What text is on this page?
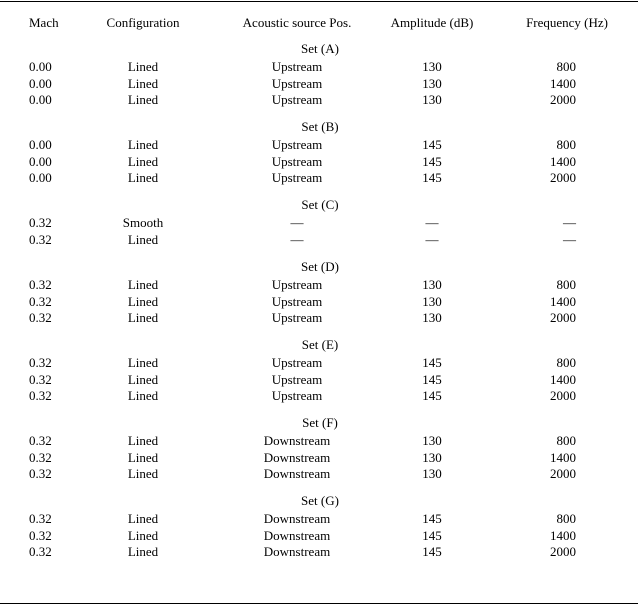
Mach	Configuration	Acoustic source Pos.	Amplitude (dB)	Frequency (Hz)
Set (A)
0.00	Lined	Upstream	130	800
0.00	Lined	Upstream	130	1400
0.00	Lined	Upstream	130	2000
Set (B)
0.00	Lined	Upstream	145	800
0.00	Lined	Upstream	145	1400
0.00	Lined	Upstream	145	2000
Set (C)
0.32	Smooth	—	—	—
0.32	Lined	—	—	—
Set (D)
0.32	Lined	Upstream	130	800
0.32	Lined	Upstream	130	1400
0.32	Lined	Upstream	130	2000
Set (E)
0.32	Lined	Upstream	145	800
0.32	Lined	Upstream	145	1400
0.32	Lined	Upstream	145	2000
Set (F)
0.32	Lined	Downstream	130	800
0.32	Lined	Downstream	130	1400
0.32	Lined	Downstream	130	2000
Set (G)
0.32	Lined	Downstream	145	800
0.32	Lined	Downstream	145	1400
0.32	Lined	Downstream	145	2000
